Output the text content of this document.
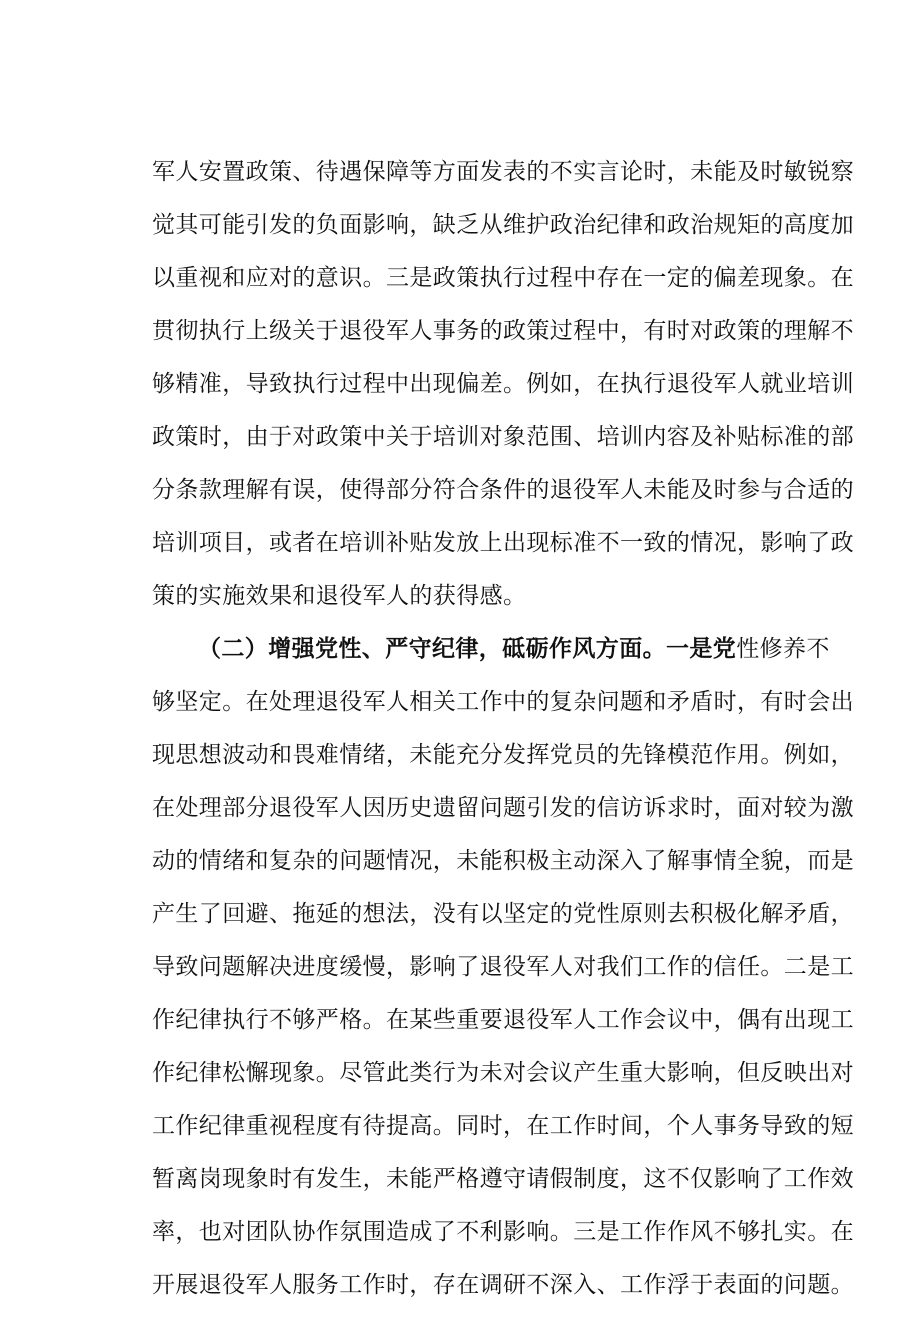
军人安置政策、待遇保障等方面发表的不实言论时，未能及时敏锐察
觉其可能引发的负面影响，缺乏从维护政治纪律和政治规矩的高度加
以重视和应对的意识。三是政策执行过程中存在一定的偏差现象。在
贯彻执行上级关于退役军人事务的政策过程中，有时对政策的理解不
够精准，导致执行过程中出现偏差。例如，在执行退役军人就业培训
政策时，由于对政策中关于培训对象范围、培训内容及补贴标准的部
分条款理解有误，使得部分符合条件的退役军人未能及时参与合适的
培训项目，或者在培训补贴发放上出现标准不一致的情况，影响了政
策的实施效果和退役军人的获得感。
（二）增强党性、严守纪律，砥砺作风方面。一是党性修养不
够坚定。在处理退役军人相关工作中的复杂问题和矛盾时，有时会出
现思想波动和畏难情绪，未能充分发挥党员的先锋模范作用。例如，
在处理部分退役军人因历史遗留问题引发的信访诉求时，面对较为激
动的情绪和复杂的问题情况，未能积极主动深入了解事情全貌，而是
产生了回避、拖延的想法，没有以坚定的党性原则去积极化解矛盾，
导致问题解决进度缓慢，影响了退役军人对我们工作的信任。二是工
作纪律执行不够严格。在某些重要退役军人工作会议中，偶有出现工
作纪律松懈现象。尽管此类行为未对会议产生重大影响，但反映出对
工作纪律重视程度有待提高。同时，在工作时间，个人事务导致的短
暂离岗现象时有发生，未能严格遵守请假制度，这不仅影响了工作效
率，也对团队协作氛围造成了不利影响。三是工作作风不够扎实。在
开展退役军人服务工作时，存在调研不深入、工作浮于表面的问题。
